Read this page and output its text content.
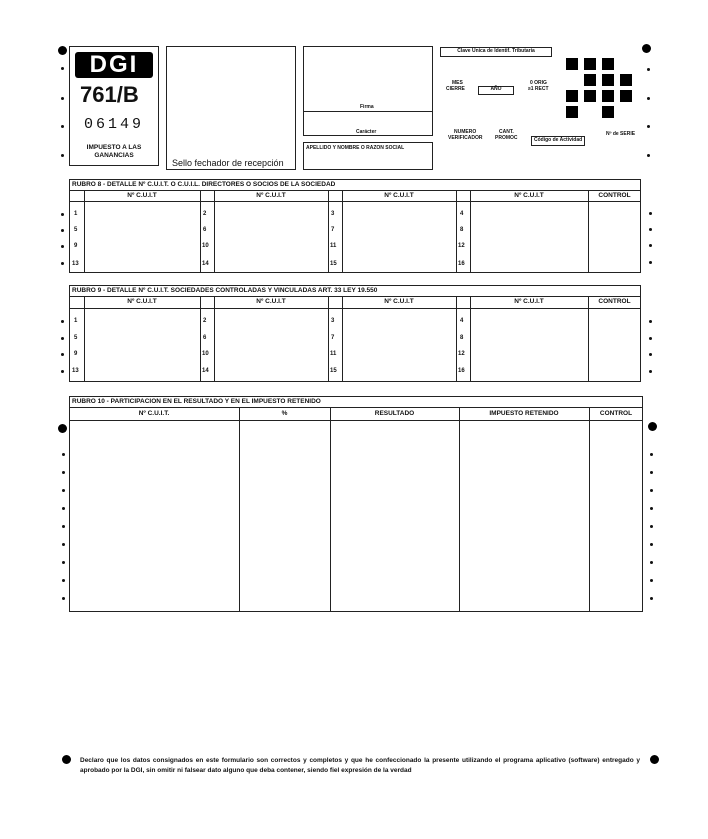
DGI
761/B
06149
IMPUESTO A LAS GANANCIAS
Sello fechador de recepción
Firma
Carácter
APELLIDO Y NOMBRE O RAZON SOCIAL
Clave Única de Identif. Tributaria
MES
CIERRE	AÑO
0 ORIG
≥1 RECT
NUMERO
VERIFICADOR
CANT.
PROMOC	Código de Actividad
Nº de SERIE
RUBRO 8 - DETALLE Nº C.U.I.T. O C.U.I.L. DIRECTORES O SOCIOS DE LA SOCIEDAD
Nº C.U.I.T	Nº C.U.I.T	Nº C.U.I.T	Nº C.U.I.T	CONTROL
1	2	3	4
5	6	7	8
9	10	11	12
13	14	15	16
RUBRO 9 - DETALLE Nº C.U.I.T. SOCIEDADES CONTROLADAS Y VINCULADAS ART. 33 LEY 19.550
Nº C.U.I.T	Nº C.U.I.T	Nº C.U.I.T	Nº C.U.I.T	CONTROL
1	2	3	4
5	6	7	8
9	10	11	12
13	14	15	16
RUBRO 10 - PARTICIPACION EN EL RESULTADO Y EN EL IMPUESTO RETENIDO
Nº C.U.I.T.	%	RESULTADO	IMPUESTO RETENIDO	CONTROL
Declaro que los datos consignados en este formulario son correctos y completos y que he confeccionado la presente utilizando el programa aplicativo (software) entregado y aprobado por la DGI, sin omitir ni falsear dato alguno que deba contener, siendo fiel expresión de la verdad
